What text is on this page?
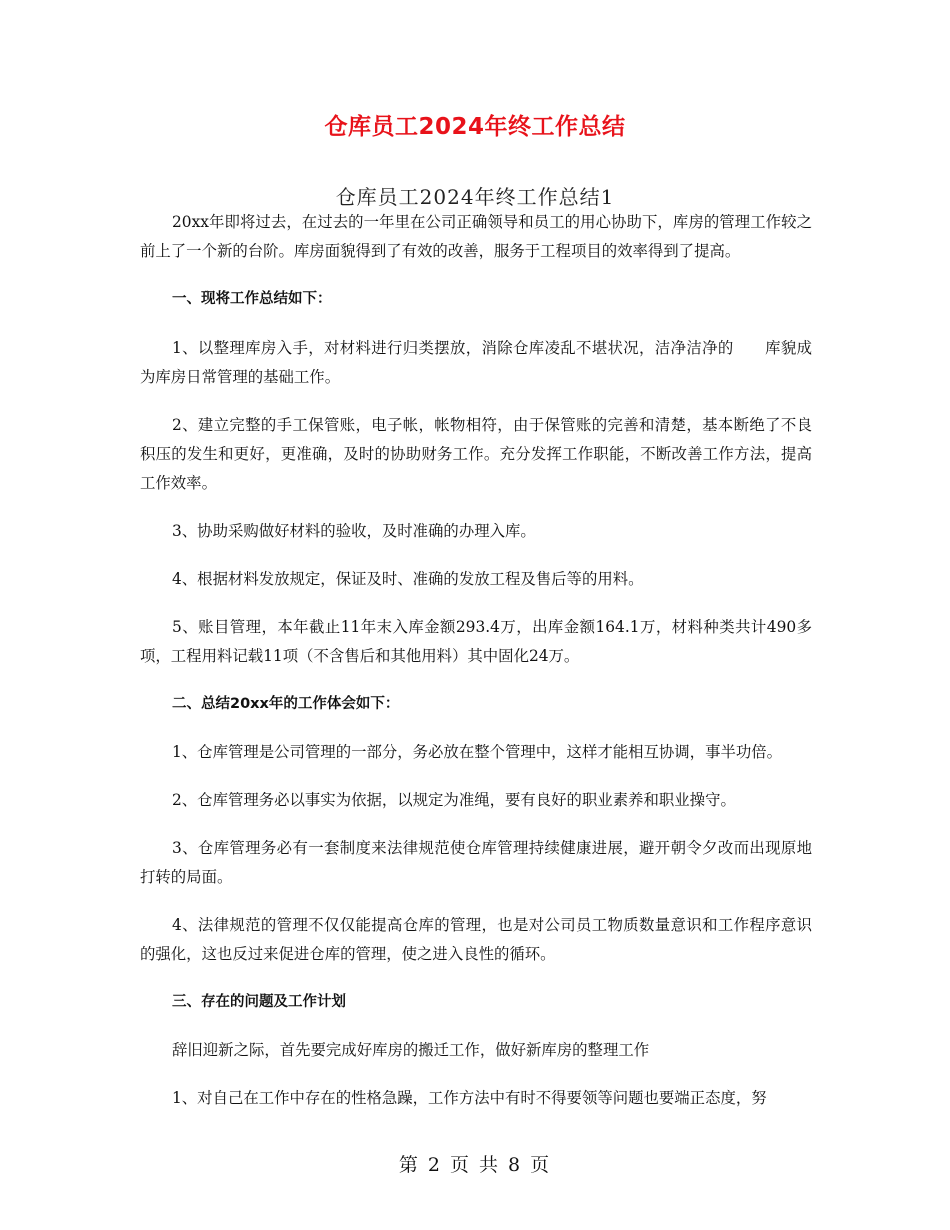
仓库员工2024年终工作总结
仓库员工2024年终工作总结1

20xx年即将过去，在过去的一年里在公司正确领导和员工的用心协助下，库房的管理工作较之前上了一个新的台阶。库房面貌得到了有效的改善，服务于工程项目的效率得到了提高。

一、现将工作总结如下：

1、以整理库房入手，对材料进行归类摆放，消除仓库凌乱不堪状况，洁净洁净的　　库貌成为库房日常管理的基础工作。

2、建立完整的手工保管账，电子帐，帐物相符，由于保管账的完善和清楚，基本断绝了不良积压的发生和更好，更准确，及时的协助财务工作。充分发挥工作职能，不断改善工作方法，提高工作效率。

3、协助采购做好材料的验收，及时准确的办理入库。

4、根据材料发放规定，保证及时、准确的发放工程及售后等的用料。

5、账目管理，本年截止11年末入库金额293.4万，出库金额164.1万，材料种类共计490多项，工程用料记载11项（不含售后和其他用料）其中固化24万。

二、总结20xx年的工作体会如下：

1、仓库管理是公司管理的一部分，务必放在整个管理中，这样才能相互协调，事半功倍。

2、仓库管理务必以事实为依据，以规定为准绳，要有良好的职业素养和职业操守。

3、仓库管理务必有一套制度来法律规范使仓库管理持续健康进展，避开朝令夕改而出现原地打转的局面。

4、法律规范的管理不仅仅能提高仓库的管理，也是对公司员工物质数量意识和工作程序意识的强化，这也反过来促进仓库的管理，使之进入良性的循环。

三、存在的问题及工作计划

辞旧迎新之际，首先要完成好库房的搬迁工作，做好新库房的整理工作

1、对自己在工作中存在的性格急躁，工作方法中有时不得要领等问题也要端正态度，努

第 2 页 共 8 页
